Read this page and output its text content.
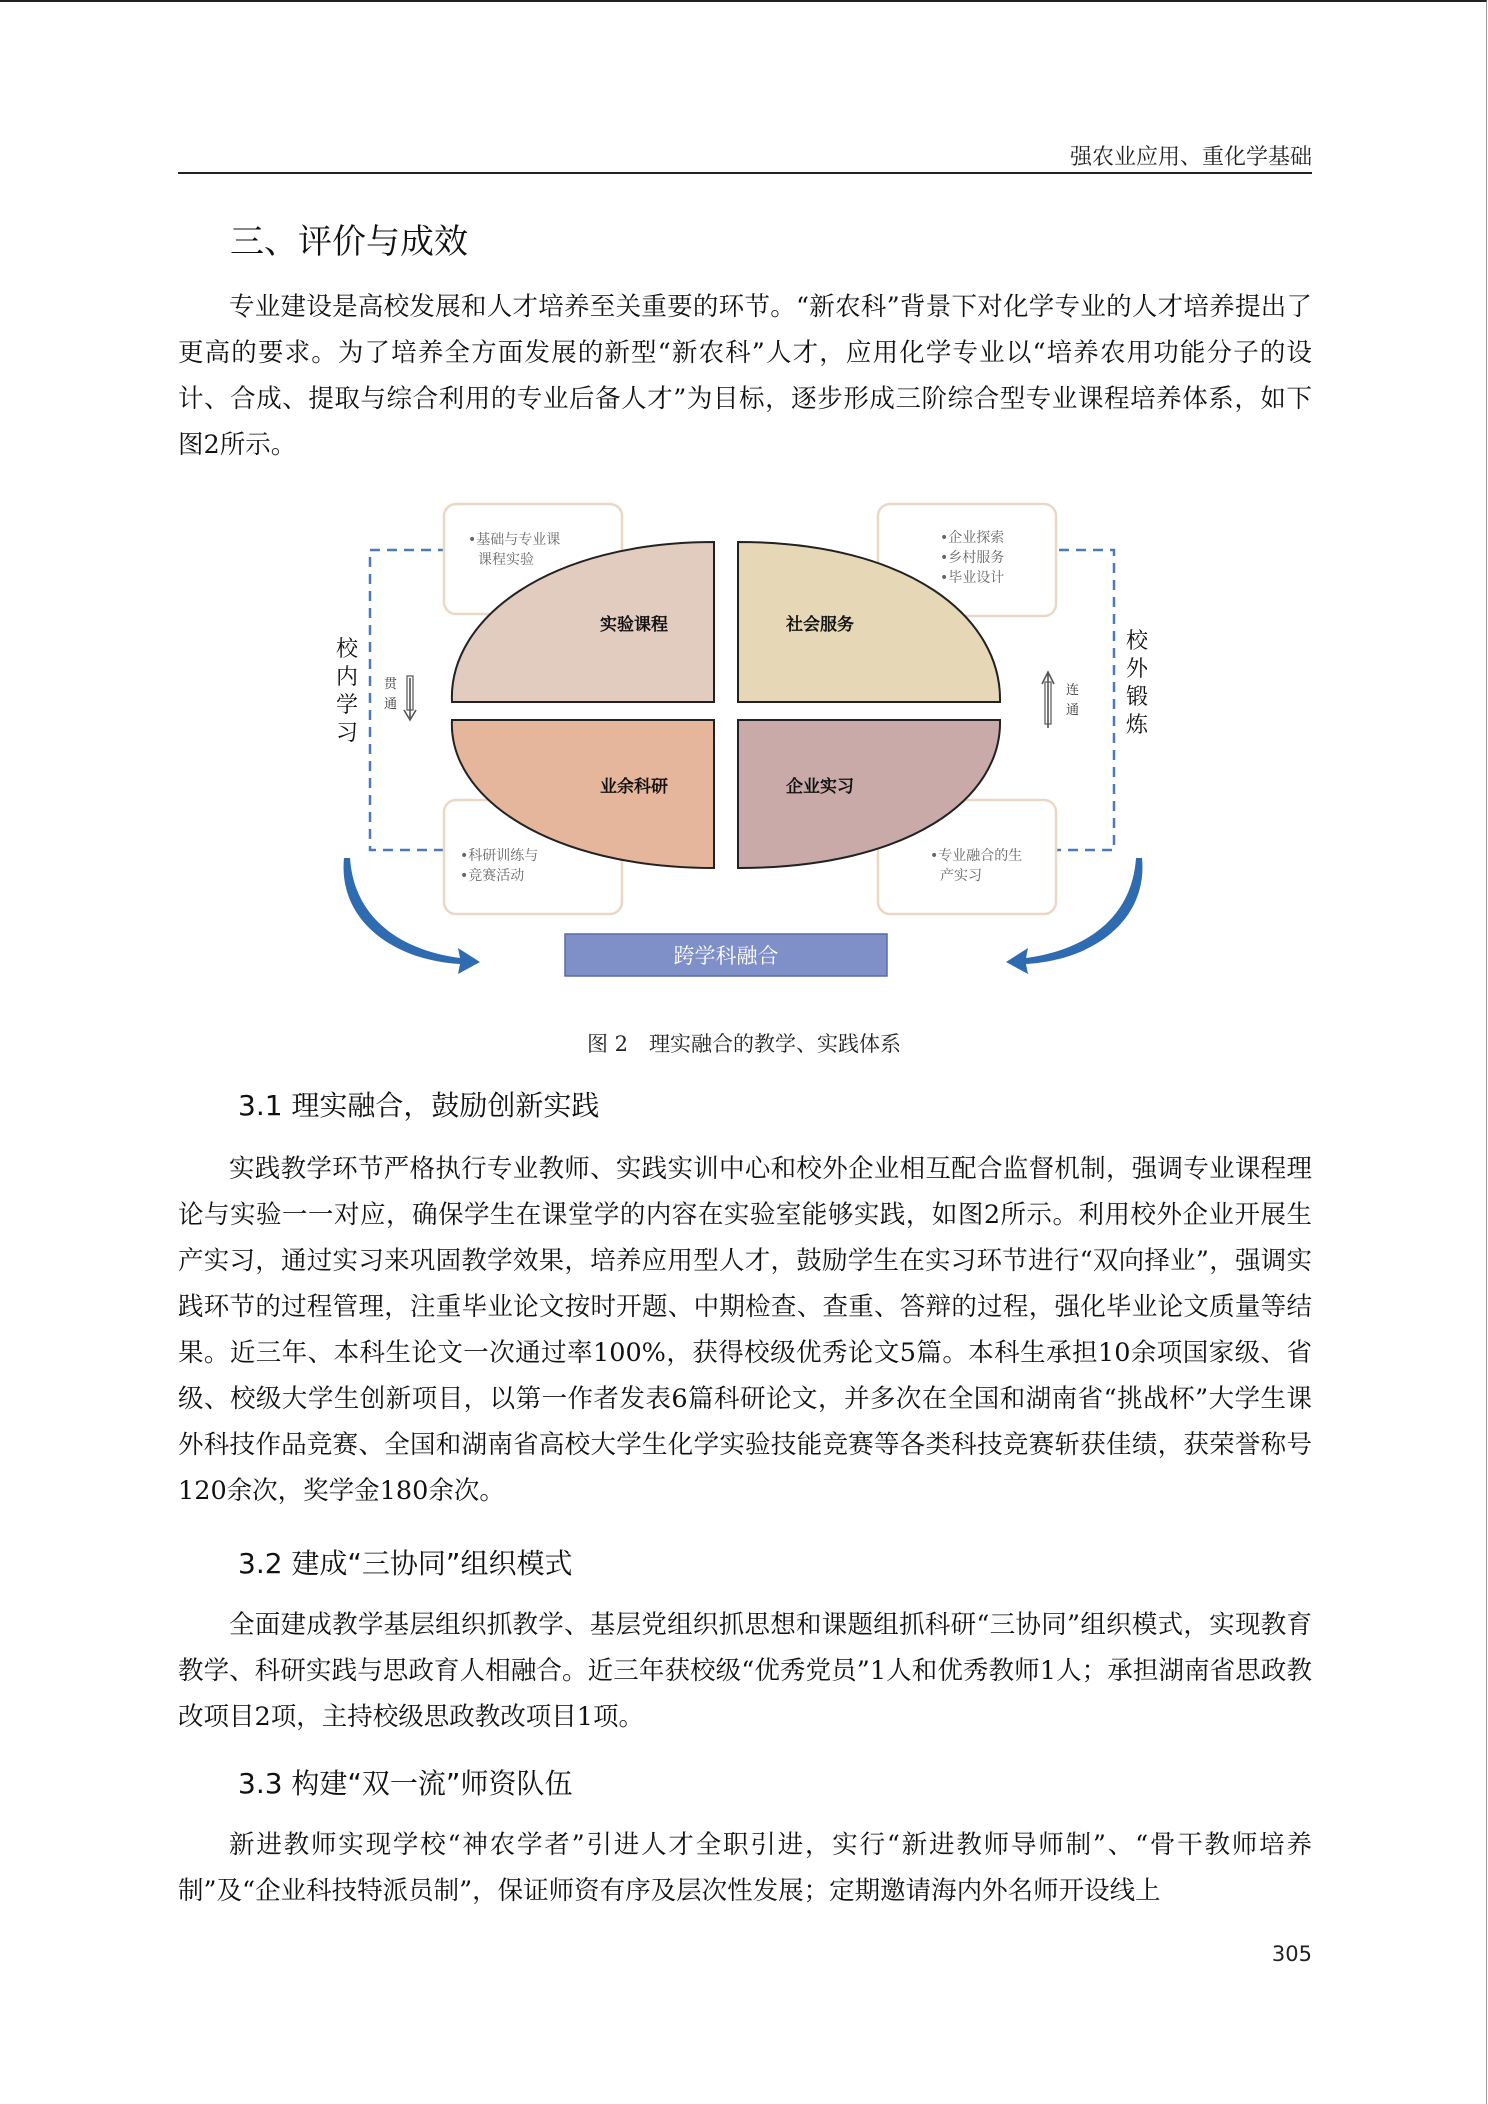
强农业应用、重化学基础
三、评价与成效

专业建设是高校发展和人才培养至关重要的环节。“新农科”背景下对化学专业的人才培养提出了更高的要求。为了培养全方面发展的新型“新农科”人才，应用化学专业以“培养农用功能分子的设计、合成、提取与综合利用的专业后备人才”为目标，逐步形成三阶综合型专业课程培养体系，如下图2所示。

实验课程	社会服务
业余科研	企业实习
•基础与专业课
课程实验
•企业探索
•乡村服务
•毕业设计
•科研训练与
•竞赛活动
•专业融合的生
产实习
校
内
学
习
校
外
锻
炼
贯
通
连
通
跨学科融合
图 2　理实融合的教学、实践体系
3.1 理实融合，鼓励创新实践

实践教学环节严格执行专业教师、实践实训中心和校外企业相互配合监督机制，强调专业课程理论与实验一一对应，确保学生在课堂学的内容在实验室能够实践，如图2所示。利用校外企业开展生产实习，通过实习来巩固教学效果，培养应用型人才，鼓励学生在实习环节进行“双向择业”，强调实践环节的过程管理，注重毕业论文按时开题、中期检查、查重、答辩的过程，强化毕业论文质量等结果。近三年、本科生论文一次通过率100%，获得校级优秀论文5篇。本科生承担10余项国家级、省级、校级大学生创新项目，以第一作者发表6篇科研论文，并多次在全国和湖南省“挑战杯”大学生课外科技作品竞赛、全国和湖南省高校大学生化学实验技能竞赛等各类科技竞赛斩获佳绩，获荣誉称号120余次，奖学金180余次。

3.2 建成“三协同”组织模式

全面建成教学基层组织抓教学、基层党组织抓思想和课题组抓科研“三协同”组织模式，实现教育教学、科研实践与思政育人相融合。近三年获校级“优秀党员”1人和优秀教师1人；承担湖南省思政教改项目2项，主持校级思政教改项目1项。

3.3 构建“双一流”师资队伍

新进教师实现学校“神农学者”引进人才全职引进，实行“新进教师导师制”、“骨干教师培养制”及“企业科技特派员制”，保证师资有序及层次性发展；定期邀请海内外名师开设线上

305
